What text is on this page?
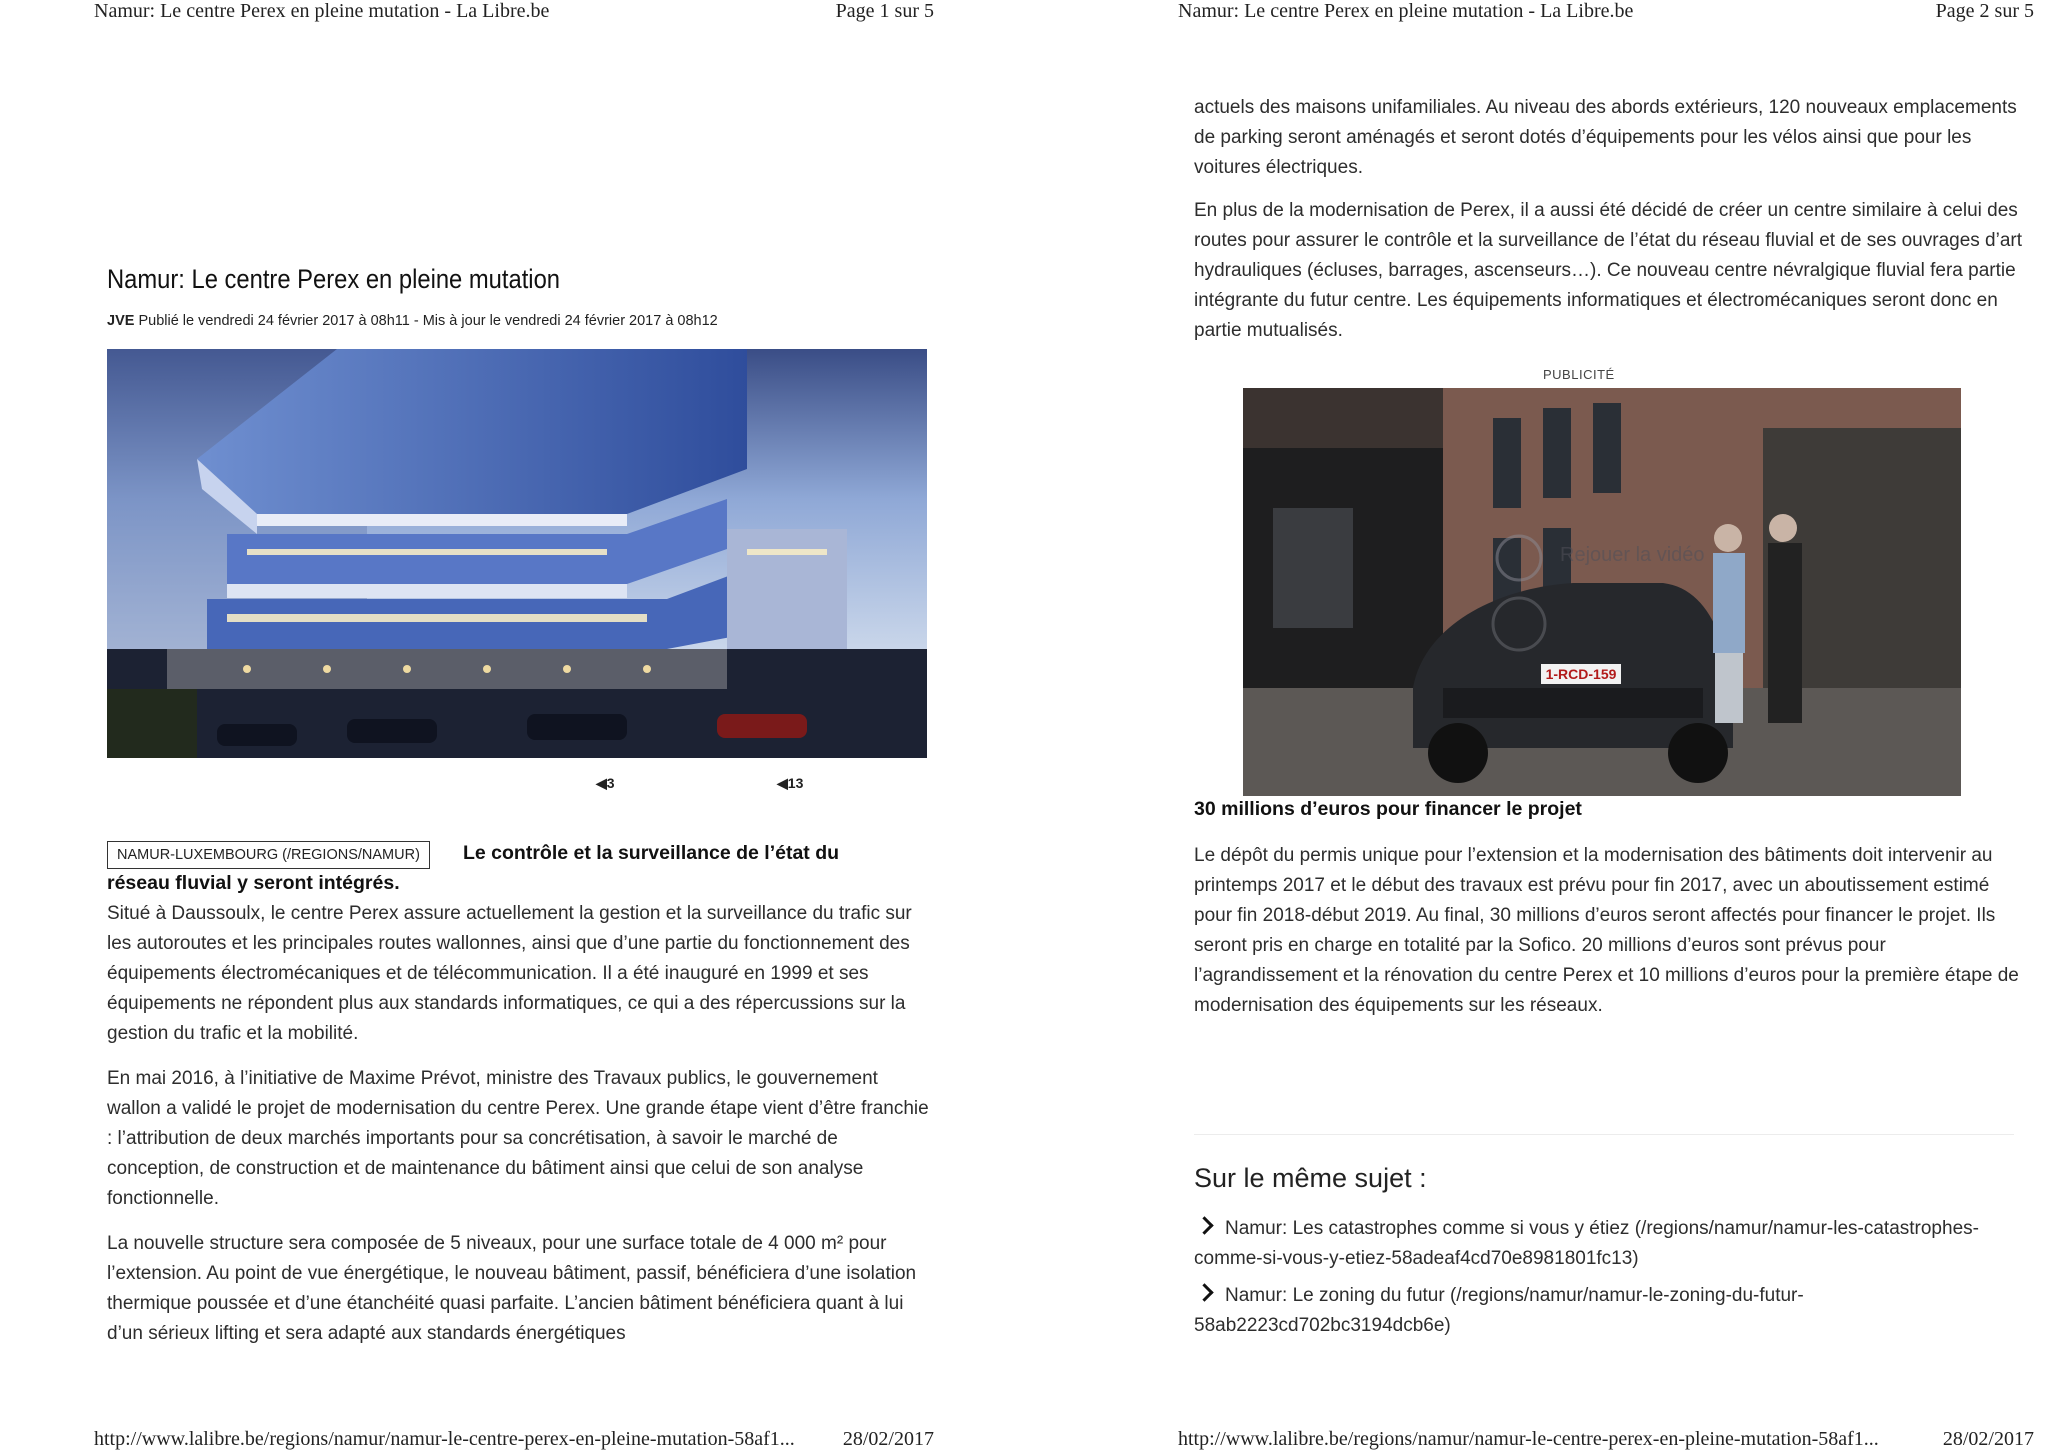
Namur: Le centre Perex en pleine mutation - La Libre.be	Page 1 sur 5
http://www.lalibre.be/regions/namur/namur-le-centre-perex-en-pleine-mutation-58af1... 28/02/2017
Namur: Le centre Perex en pleine mutation
JVE Publié le vendredi 24 février 2017 à 08h11 - Mis à jour le vendredi 24 février 2017 à 08h12
◀3	◀13
NAMUR-LUXEMBOURG (/REGIONS/NAMUR)	Le contrôle et la surveillance de l’état du
réseau fluvial y seront intégrés.

Situé à Daussoulx, le centre Perex assure actuellement la gestion et la surveillance du trafic sur les autoroutes et les principales routes wallonnes, ainsi que d’une partie du fonctionnement des équipements électromécaniques et de télécommunication. Il a été inauguré en 1999 et ses équipements ne répondent plus aux standards informatiques, ce qui a des répercussions sur la gestion du trafic et la mobilité.

En mai 2016, à l’initiative de Maxime Prévot, ministre des Travaux publics, le gouvernement wallon a validé le projet de modernisation du centre Perex. Une grande étape vient d’être franchie : l’attribution de deux marchés importants pour sa concrétisation, à savoir le marché de conception, de construction et de maintenance du bâtiment ainsi que celui de son analyse fonctionnelle.

La nouvelle structure sera composée de 5 niveaux, pour une surface totale de 4 000 m² pour l’extension. Au point de vue énergétique, le nouveau bâtiment, passif, bénéficiera d’une isolation thermique poussée et d’une étanchéité quasi parfaite. L’ancien bâtiment bénéficiera quant à lui d’un sérieux lifting et sera adapté aux standards énergétiques

Namur: Le centre Perex en pleine mutation - La Libre.be	Page 2 sur 5
http://www.lalibre.be/regions/namur/namur-le-centre-perex-en-pleine-mutation-58af1...	28/02/2017

actuels des maisons unifamiliales. Au niveau des abords extérieurs, 120 nouveaux emplacements de parking seront aménagés et seront dotés d’équipements pour les vélos ainsi que pour les voitures électriques.

En plus de la modernisation de Perex, il a aussi été décidé de créer un centre similaire à celui des routes pour assurer le contrôle et la surveillance de l’état du réseau fluvial et de ses ouvrages d’art hydrauliques (écluses, barrages, ascenseurs…). Ce nouveau centre névralgique fluvial fera partie intégrante du futur centre. Les équipements informatiques et électromécaniques seront donc en partie mutualisés.

PUBLICITÉ
1-RCD-159
Rejouer la vidéo
30 millions d’euros pour financer le projet

Le dépôt du permis unique pour l’extension et la modernisation des bâtiments doit intervenir au printemps 2017 et le début des travaux est prévu pour fin 2017, avec un aboutissement estimé pour fin 2018-début 2019. Au final, 30 millions d’euros seront affectés pour financer le projet. Ils seront pris en charge en totalité par la Sofico. 20 millions d’euros sont prévus pour l’agrandissement et la rénovation du centre Perex et 10 millions d’euros pour la première étape de modernisation des équipements sur les réseaux.

Sur le même sujet :
Namur: Les catastrophes comme si vous y étiez (/regions/namur/namur-les-catastrophes-comme-si-vous-y-etiez-58adeaf4cd70e8981801fc13)
Namur: Le zoning du futur (/regions/namur/namur-le-zoning-du-futur-58ab2223cd702bc3194dcb6e)
